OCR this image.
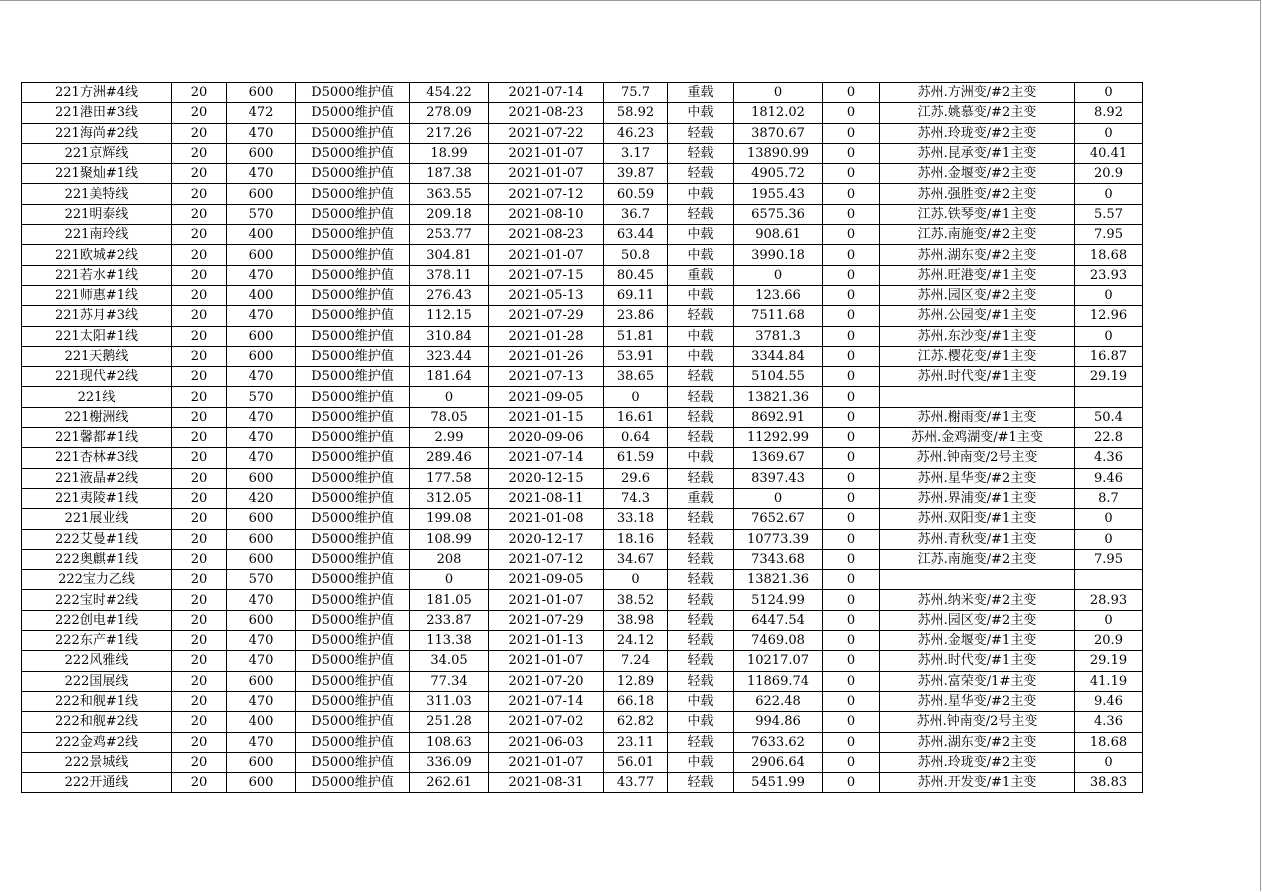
221方洲#4线	20	600	D5000维护值	454.22	2021-07-14	75.7	重载	0	0	苏州.方洲变/#2主变	0
221港田#3线	20	472	D5000维护值	278.09	2021-08-23	58.92	中载	1812.02	0	江苏.姚慕变/#2主变	8.92
221海尚#2线	20	470	D5000维护值	217.26	2021-07-22	46.23	轻载	3870.67	0	苏州.玲珑变/#2主变	0
221京辉线	20	600	D5000维护值	18.99	2021-01-07	3.17	轻载	13890.99	0	苏州.昆承变/#1主变	40.41
221聚灿#1线	20	470	D5000维护值	187.38	2021-01-07	39.87	轻载	4905.72	0	苏州.金堰变/#2主变	20.9
221美特线	20	600	D5000维护值	363.55	2021-07-12	60.59	中载	1955.43	0	苏州.强胜变/#2主变	0
221明泰线	20	570	D5000维护值	209.18	2021-08-10	36.7	轻载	6575.36	0	江苏.铁琴变/#1主变	5.57
221南玲线	20	400	D5000维护值	253.77	2021-08-23	63.44	中载	908.61	0	江苏.南施变/#2主变	7.95
221欧城#2线	20	600	D5000维护值	304.81	2021-01-07	50.8	中载	3990.18	0	苏州.湖东变/#2主变	18.68
221若水#1线	20	470	D5000维护值	378.11	2021-07-15	80.45	重载	0	0	苏州.旺港变/#1主变	23.93
221师惠#1线	20	400	D5000维护值	276.43	2021-05-13	69.11	中载	123.66	0	苏州.园区变/#2主变	0
221苏月#3线	20	470	D5000维护值	112.15	2021-07-29	23.86	轻载	7511.68	0	苏州.公园变/#1主变	12.96
221太阳#1线	20	600	D5000维护值	310.84	2021-01-28	51.81	中载	3781.3	0	苏州.东沙变/#1主变	0
221天鹅线	20	600	D5000维护值	323.44	2021-01-26	53.91	中载	3344.84	0	江苏.樱花变/#1主变	16.87
221现代#2线	20	470	D5000维护值	181.64	2021-07-13	38.65	轻载	5104.55	0	苏州.时代变/#1主变	29.19
221线	20	570	D5000维护值	0	2021-09-05	0	轻载	13821.36	0		
221榭洲线	20	470	D5000维护值	78.05	2021-01-15	16.61	轻载	8692.91	0	苏州.榭雨变/#1主变	50.4
221馨都#1线	20	470	D5000维护值	2.99	2020-09-06	0.64	轻载	11292.99	0	苏州.金鸡湖变/#1主变	22.8
221杏林#3线	20	470	D5000维护值	289.46	2021-07-14	61.59	中载	1369.67	0	苏州.钟南变/2号主变	4.36
221液晶#2线	20	600	D5000维护值	177.58	2020-12-15	29.6	轻载	8397.43	0	苏州.星华变/#2主变	9.46
221夷陵#1线	20	420	D5000维护值	312.05	2021-08-11	74.3	重载	0	0	苏州.界浦变/#1主变	8.7
221展业线	20	600	D5000维护值	199.08	2021-01-08	33.18	轻载	7652.67	0	苏州.双阳变/#1主变	0
222艾曼#1线	20	600	D5000维护值	108.99	2020-12-17	18.16	轻载	10773.39	0	苏州.青秋变/#1主变	0
222奥麒#1线	20	600	D5000维护值	208	2021-07-12	34.67	轻载	7343.68	0	江苏.南施变/#2主变	7.95
222宝力乙线	20	570	D5000维护值	0	2021-09-05	0	轻载	13821.36	0		
222宝时#2线	20	470	D5000维护值	181.05	2021-01-07	38.52	轻载	5124.99	0	苏州.纳米变/#2主变	28.93
222创电#1线	20	600	D5000维护值	233.87	2021-07-29	38.98	轻载	6447.54	0	苏州.园区变/#2主变	0
222东产#1线	20	470	D5000维护值	113.38	2021-01-13	24.12	轻载	7469.08	0	苏州.金堰变/#1主变	20.9
222风雅线	20	470	D5000维护值	34.05	2021-01-07	7.24	轻载	10217.07	0	苏州.时代变/#1主变	29.19
222国展线	20	600	D5000维护值	77.34	2021-07-20	12.89	轻载	11869.74	0	苏州.富荣变/1#主变	41.19
222和舰#1线	20	470	D5000维护值	311.03	2021-07-14	66.18	中载	622.48	0	苏州.星华变/#2主变	9.46
222和舰#2线	20	400	D5000维护值	251.28	2021-07-02	62.82	中载	994.86	0	苏州.钟南变/2号主变	4.36
222金鸡#2线	20	470	D5000维护值	108.63	2021-06-03	23.11	轻载	7633.62	0	苏州.湖东变/#2主变	18.68
222景城线	20	600	D5000维护值	336.09	2021-01-07	56.01	中载	2906.64	0	苏州.玲珑变/#2主变	0
222开通线	20	600	D5000维护值	262.61	2021-08-31	43.77	轻载	5451.99	0	苏州.开发变/#1主变	38.83
